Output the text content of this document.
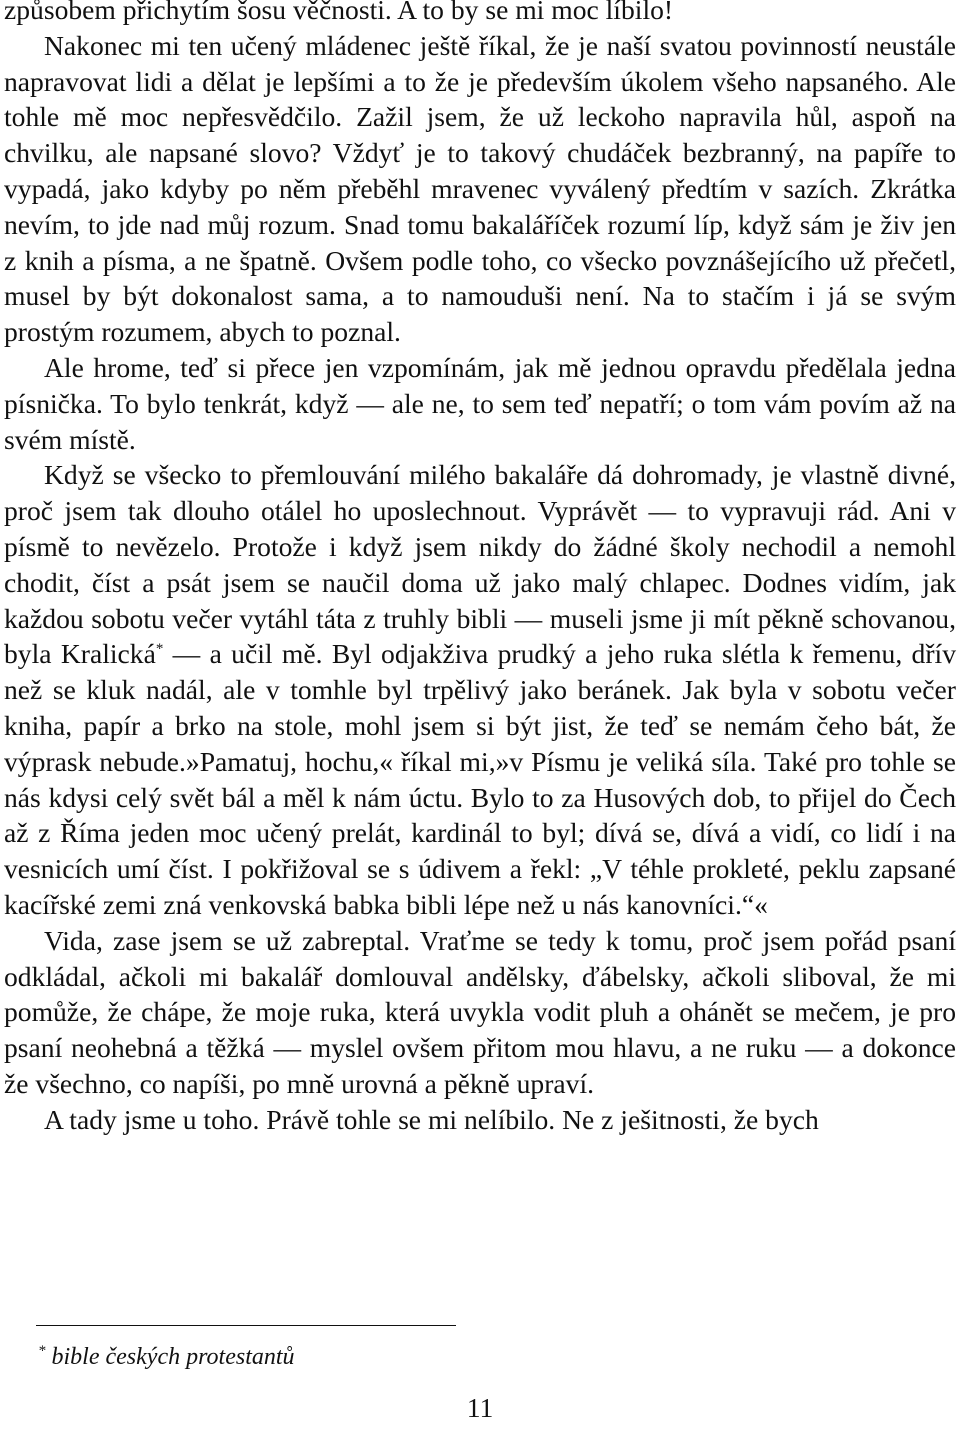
způsobem přichytím šosu věčnosti. A to by se mi moc líbilo!

Nakonec mi ten učený mládenec ještě říkal, že je naší svatou povinností neustále napravovat lidi a dělat je lepšími a to že je především úkolem všeho napsaného. Ale tohle mě moc nepřesvědčilo. Zažil jsem, že už leckoho napravila hůl, aspoň na chvilku, ale napsané slovo? Vždyť je to takový chudáček bezbranný, na papíře to vypadá, jako kdyby po něm přeběhl mravenec vyválený předtím v sazích. Zkrátka nevím, to jde nad můj rozum. Snad tomu bakaláříček rozumí líp, když sám je živ jen z knih a písma, a ne špatně. Ovšem podle toho, co všecko povznášejícího už přečetl, musel by být dokonalost sama, a to namouduši není. Na to stačím i já se svým prostým rozumem, abych to poznal.

Ale hrome, teď si přece jen vzpomínám, jak mě jednou opravdu předělala jedna písnička. To bylo tenkrát, když — ale ne, to sem teď nepatří; o tom vám povím až na svém místě.

Když se všecko to přemlouvání milého bakaláře dá dohromady, je vlastně divné, proč jsem tak dlouho otálel ho uposlechnout. Vyprávět — to vypravuji rád. Ani v písmě to nevězelo. Protože i když jsem nikdy do žádné školy nechodil a nemohl chodit, číst a psát jsem se naučil doma už jako malý chlapec. Dodnes vidím, jak každou sobotu večer vytáhl táta z truhly bibli — museli jsme ji mít pěkně schovanou, byla Kralická* — a učil mě. Byl odjakživa prudký a jeho ruka slétla k řemenu, dřív než se kluk nadál, ale v tomhle byl trpělivý jako beránek. Jak byla v sobotu večer kniha, papír a brko na stole, mohl jsem si být jist, že teď se nemám čeho bát, že výprask nebude.»Pamatuj, hochu,« říkal mi,»v Písmu je veliká síla. Také pro tohle se nás kdysi celý svět bál a měl k nám úctu. Bylo to za Husových dob, to přijel do Čech až z Říma jeden moc učený prelát, kardinál to byl; dívá se, dívá a vidí, co lidí i na vesnicích umí číst. I pokřižoval se s údivem a řekl: „V téhle prokleté, peklu zapsané kacířské zemi zná venkovská babka bibli lépe než u nás kanovníci.“«

Vida, zase jsem se už zabreptal. Vraťme se tedy k tomu, proč jsem pořád psaní odkládal, ačkoli mi bakalář domlouval andělsky, ďábelsky, ačkoli sliboval, že mi pomůže, že chápe, že moje ruka, která uvykla vodit pluh a ohánět se mečem, je pro psaní neohebná a těžká — myslel ovšem přitom mou hlavu, a ne ruku — a dokonce že všechno, co napíši, po mně urovná a pěkně upraví.

A tady jsme u toho. Právě tohle se mi nelíbilo. Ne z ješitnosti, že bych

* bible českých protestantů
11
